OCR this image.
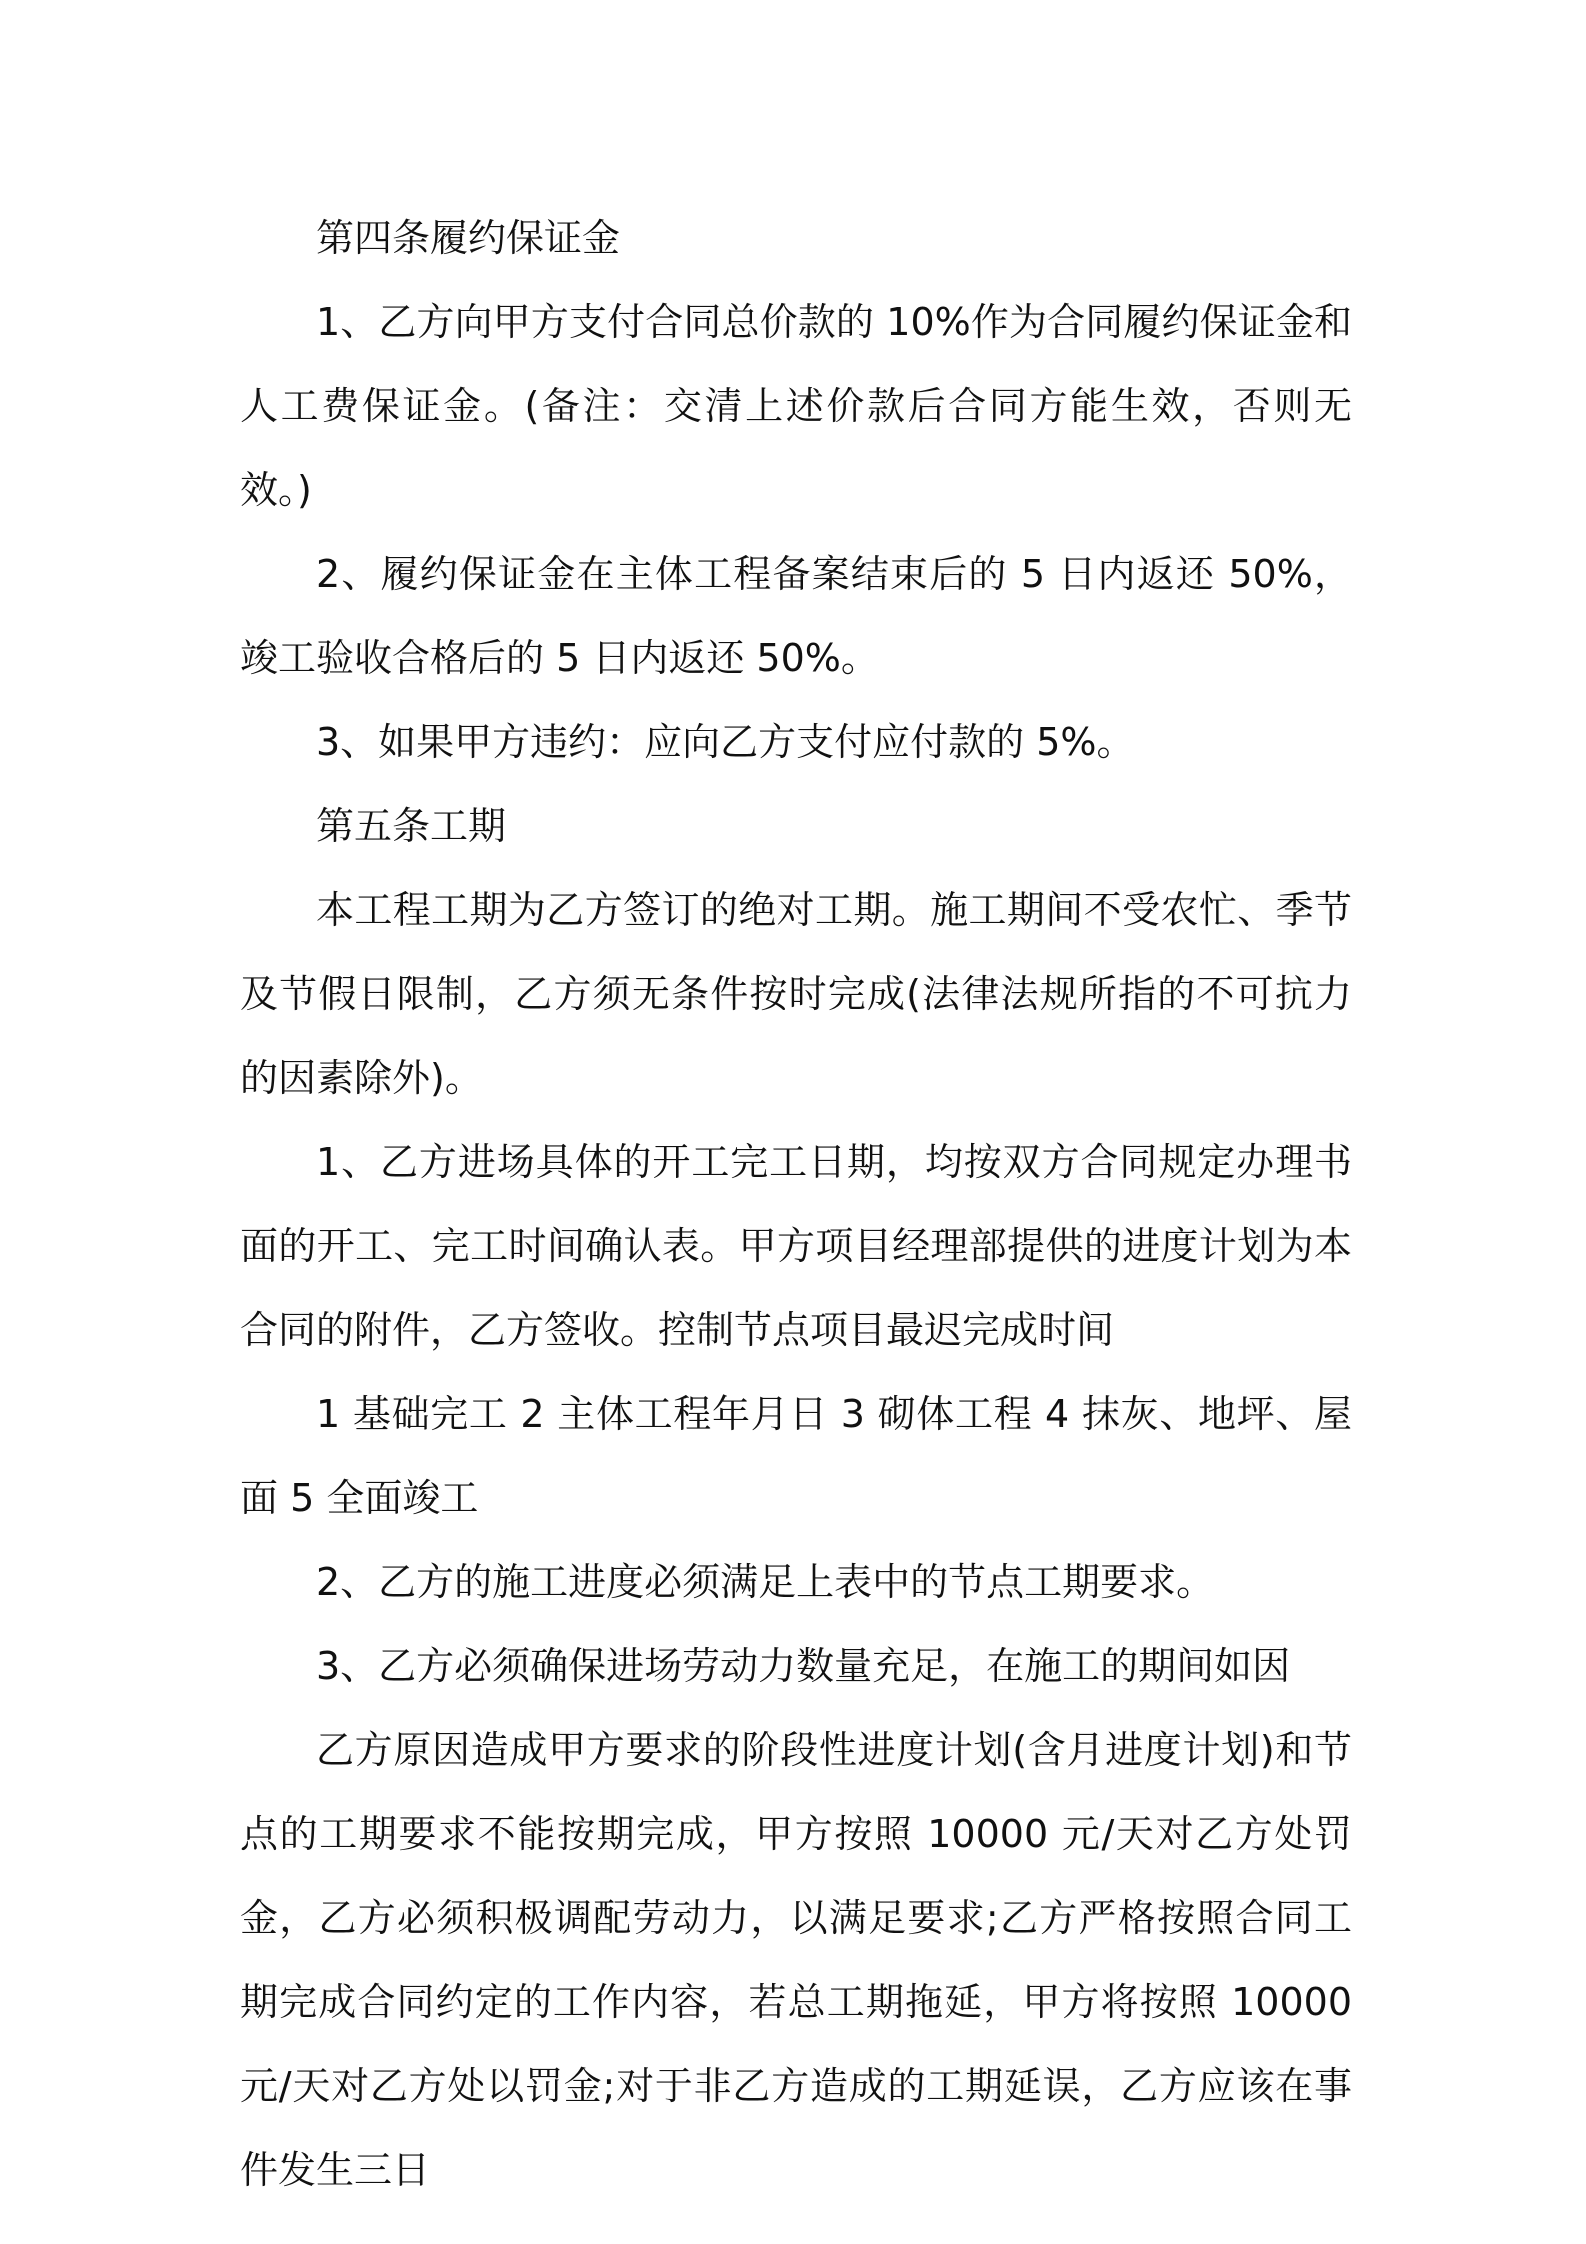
第四条履约保证金

1、乙方向甲方支付合同总价款的 10%作为合同履约保证金和人工费保证金。(备注：交清上述价款后合同方能生效，否则无效。)

2、履约保证金在主体工程备案结束后的 5 日内返还 50%，竣工验收合格后的 5 日内返还 50%。

3、如果甲方违约：应向乙方支付应付款的 5%。

第五条工期

本工程工期为乙方签订的绝对工期。施工期间不受农忙、季节及节假日限制，乙方须无条件按时完成(法律法规所指的不可抗力的因素除外)。

1、乙方进场具体的开工完工日期，均按双方合同规定办理书面的开工、完工时间确认表。甲方项目经理部提供的进度计划为本合同的附件，乙方签收。控制节点项目最迟完成时间

1 基础完工 2 主体工程年月日 3 砌体工程 4 抹灰、地坪、屋面 5 全面竣工

2、乙方的施工进度必须满足上表中的节点工期要求。

3、乙方必须确保进场劳动力数量充足，在施工的期间如因

乙方原因造成甲方要求的阶段性进度计划(含月进度计划)和节点的工期要求不能按期完成，甲方按照 10000 元/天对乙方处罚金，乙方必须积极调配劳动力，以满足要求;乙方严格按照合同工期完成合同约定的工作内容，若总工期拖延，甲方将按照 10000 元/天对乙方处以罚金;对于非乙方造成的工期延误，乙方应该在事件发生三日
